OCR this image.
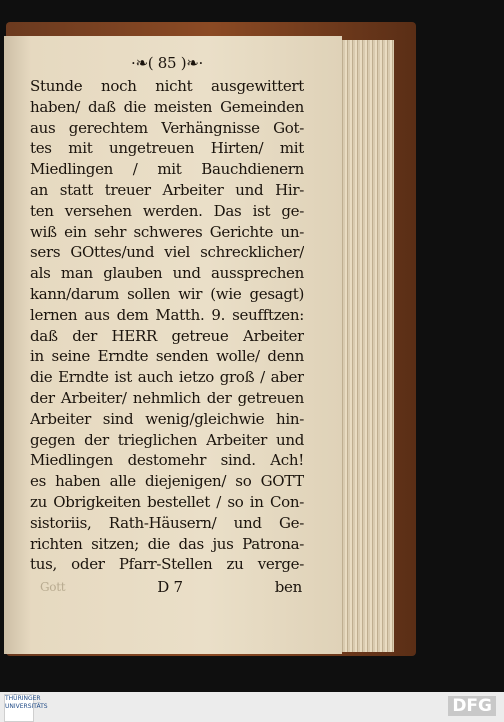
·❧( 85 )❧·
Stunde noch nicht ausgewittert
haben/ daß die meisten Gemeinden
aus gerechtem Verhängnisse Got-
tes mit ungetreuen Hirten/ mit
Miedlingen / mit Bauchdienern
an statt treuer Arbeiter und Hir-
ten versehen werden. Das ist ge-
wiß ein sehr schweres Gerichte un-
sers GOttes/und viel schrecklicher/
als man glauben und aussprechen
kann/darum sollen wir (wie gesagt)
lernen aus dem Matth. 9. seufftzen:
daß der HERR getreue Arbeiter
in seine Erndte senden wolle/ denn
die Erndte ist auch ietzo groß / aber
der Arbeiter/ nehmlich der getreuen
Arbeiter sind wenig/gleichwie hin-
gegen der trieglichen Arbeiter und
Miedlingen destomehr sind. Ach!
es haben alle diejenigen/ so GOTT
zu Obrigkeiten bestellet / so in Con-
sistoriis, Rath-Häusern/ und Ge-
richten sitzen; die das jus Patrona-
tus, oder Pfarr-Stellen zu verge-
Gott	D 7	ben
THÜRINGER UNIVERSITÄTS	DFG
